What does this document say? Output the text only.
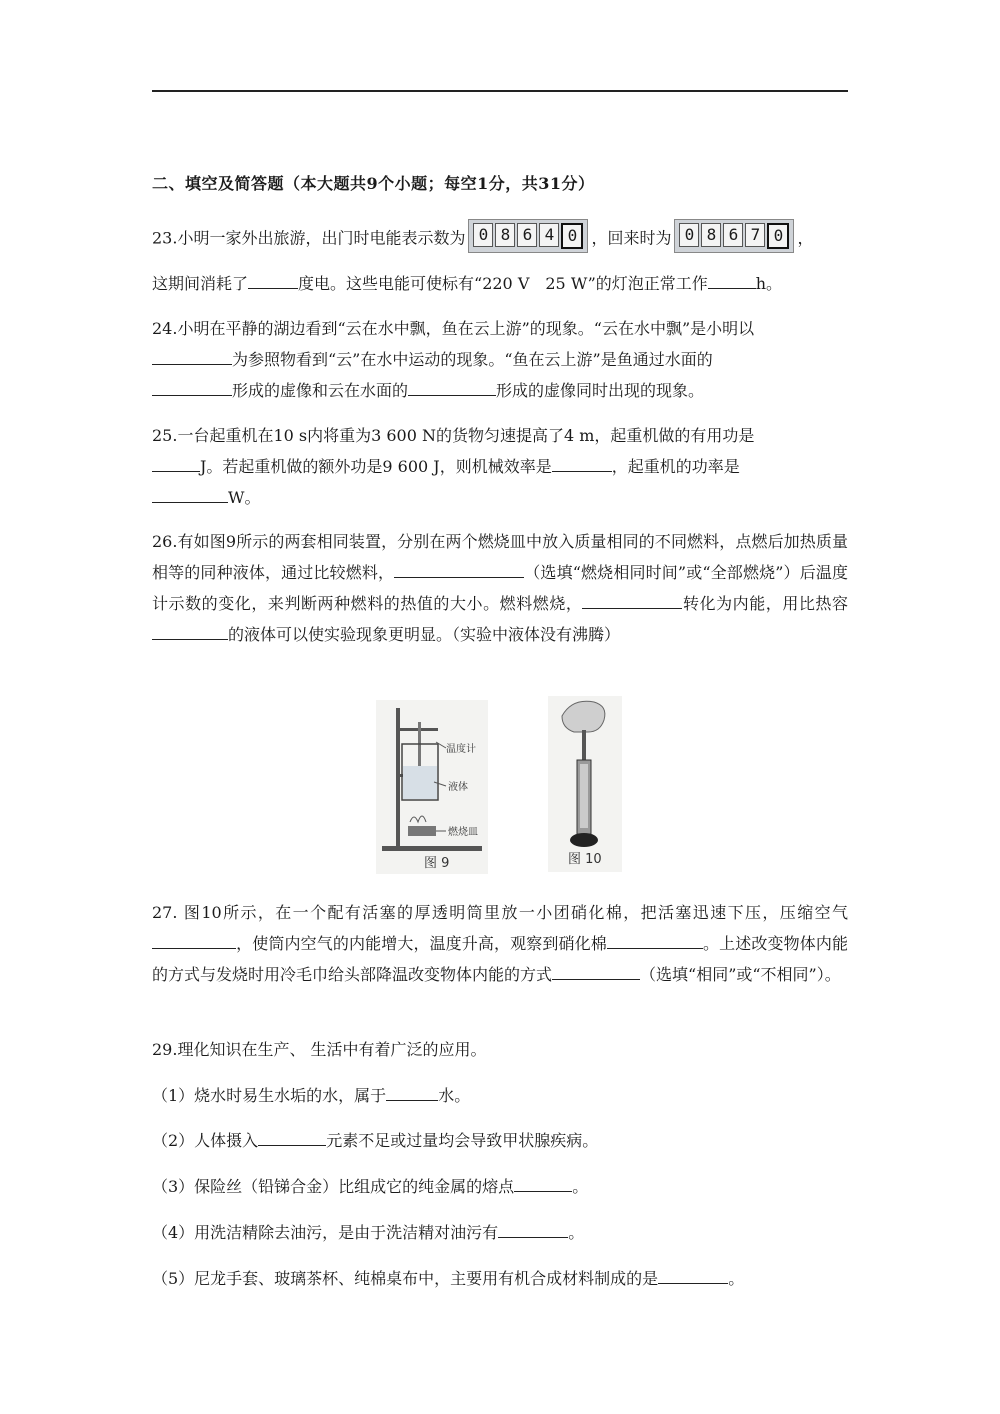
二、填空及简答题（本大题共9个小题；每空1分，共31分）
23.小明一家外出旅游，出门时电能表示数为 0 8 6 4 0 ，回来时为 0 8 6 7 0 ，
这期间消耗了	度电。这些电能可使标有“220 V　25 W”的灯泡正常工作	h。
24.小明在平静的湖边看到“云在水中飘，鱼在云上游”的现象。“云在水中飘”是小明以
为参照物看到“云”在水中运动的现象。“鱼在云上游”是鱼通过水面的
形成的虚像和云在水面的	形成的虚像同时出现的现象。
25.一台起重机在10 s内将重为3 600 N的货物匀速提高了4 m，起重机做的有用功是
J。若起重机做的额外功是9 600 J，则机械效率是	，起重机的功率是
W。
26.有如图9所示的两套相同装置，分别在两个燃烧皿中放入质量相同的不同燃料，点燃后加热质量相等的同种液体，通过比较燃料，	（选填“燃烧相同时间”或“全部燃烧”）后温度计示数的变化，来判断两种燃料的热值的大小。燃料燃烧，	转化为内能，用比热容的液体可以使实验现象更明显。（实验中液体没有沸腾）
温度计
液体
燃烧皿
图 9	图 10
27. 图10所示，在一个配有活塞的厚透明筒里放一小团硝化棉，把活塞迅速下压，压缩空气，使筒内空气的内能增大，温度升高，观察到硝化棉	。上述改变物体内能的方式与发烧时用冷毛巾给头部降温改变物体内能的方式	（选填“相同”或“不相同”）。
29.理化知识在生产、 生活中有着广泛的应用。
（1）烧水时易生水垢的水，属于	水。
（2）人体摄入	元素不足或过量均会导致甲状腺疾病。
（3）保险丝（铅锑合金）比组成它的纯金属的熔点	。
（4）用洗洁精除去油污，是由于洗洁精对油污有	。
（5）尼龙手套、玻璃茶杯、纯棉桌布中，主要用有机合成材料制成的是	。
